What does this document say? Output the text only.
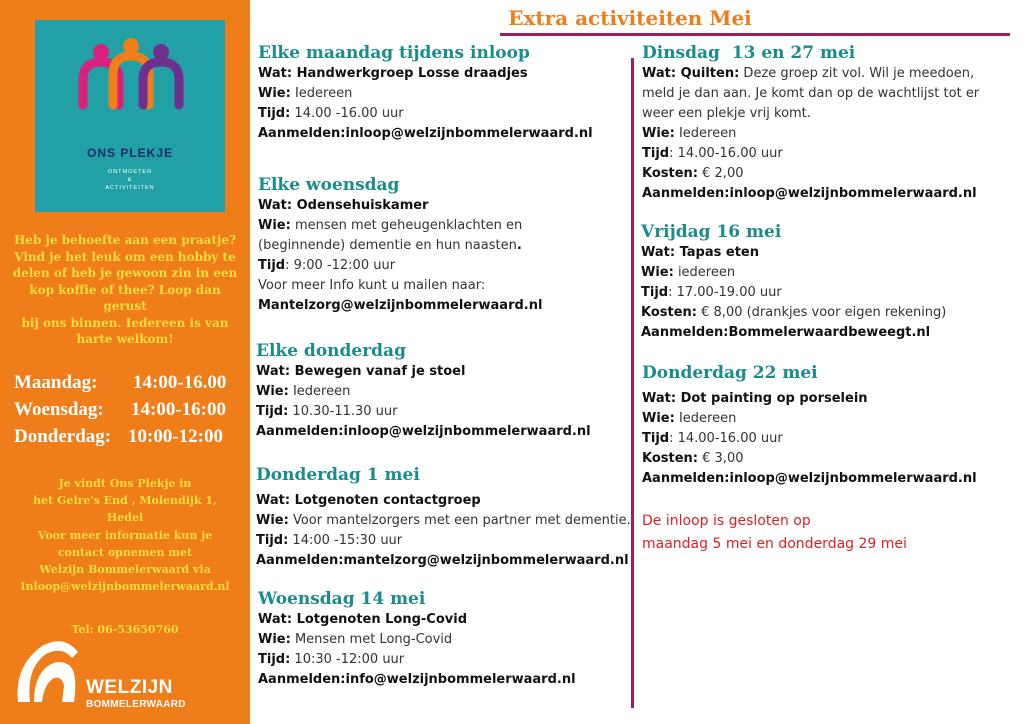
ONS PLEKJE
ONTMOETEN
&
ACTIVITEITEN
Heb je behoefte aan een praatje?
Vind je het leuk om een hobby te
delen of heb je gewoon zin in een
kop koffie of thee? Loop dan gerust
bij ons binnen. Iedereen is van
harte welkom!
Maandag: 14:00-16.00
Woensdag: 14:00-16:00
Donderdag: 10:00-12:00
Je vindt Ons Plekje in
het Gelre's End , Molendijk 1,
Hedel
Voor meer informatie kun je
contact opnemen met
Welzijn Bommelerwaard via
Inloop@welzijnbommelerwaard.nl
Tel: 06-53650760
WELZIJN
BOMMELERWAARD
Extra activiteiten Mei
Elke maandag tijdens inloop
Wat: Handwerkgroep Losse draadjes
Wie: Iedereen
Tijd: 14.00 -16.00 uur
Aanmelden:inloop@welzijnbommelerwaard.nl
Elke woensdag
Wat: Odensehuiskamer
Wie: mensen met geheugenklachten en
(beginnende) dementie en hun naasten.
Tijd: 9:00 -12:00 uur
Voor meer Info kunt u mailen naar:
Mantelzorg@welzijnbommelerwaard.nl
Elke donderdag
Wat: Bewegen vanaf je stoel
Wie: Iedereen
Tijd: 10.30-11.30 uur
Aanmelden:inloop@welzijnbommelerwaard.nl
Donderdag 1 mei
Wat: Lotgenoten contactgroep
Wie: Voor mantelzorgers met een partner met dementie.
Tijd: 14:00 -15:30 uur
Aanmelden:mantelzorg@welzijnbommelerwaard.nl
Woensdag 14 mei
Wat: Lotgenoten Long-Covid
Wie: Mensen met Long-Covid
Tijd: 10:30 -12:00 uur
Aanmelden:info@welzijnbommelerwaard.nl
Dinsdag  13 en 27 mei
Wat: Quilten: Deze groep zit vol. Wil je meedoen,
meld je dan aan. Je komt dan op de wachtlijst tot er
weer een plekje vrij komt.
Wie: Iedereen
Tijd: 14.00-16.00 uur
Kosten: € 2,00
Aanmelden:inloop@welzijnbommelerwaard.nl
Vrijdag 16 mei
Wat: Tapas eten
Wie: iedereen
Tijd: 17.00-19.00 uur
Kosten: € 8,00 (drankjes voor eigen rekening)
Aanmelden:Bommelerwaardbeweegt.nl
Donderdag 22 mei
Wat: Dot painting op porselein
Wie: Iedereen
Tijd: 14.00-16.00 uur
Kosten: € 3,00
Aanmelden:inloop@welzijnbommelerwaard.nl
De inloop is gesloten op
maandag 5 mei en donderdag 29 mei
